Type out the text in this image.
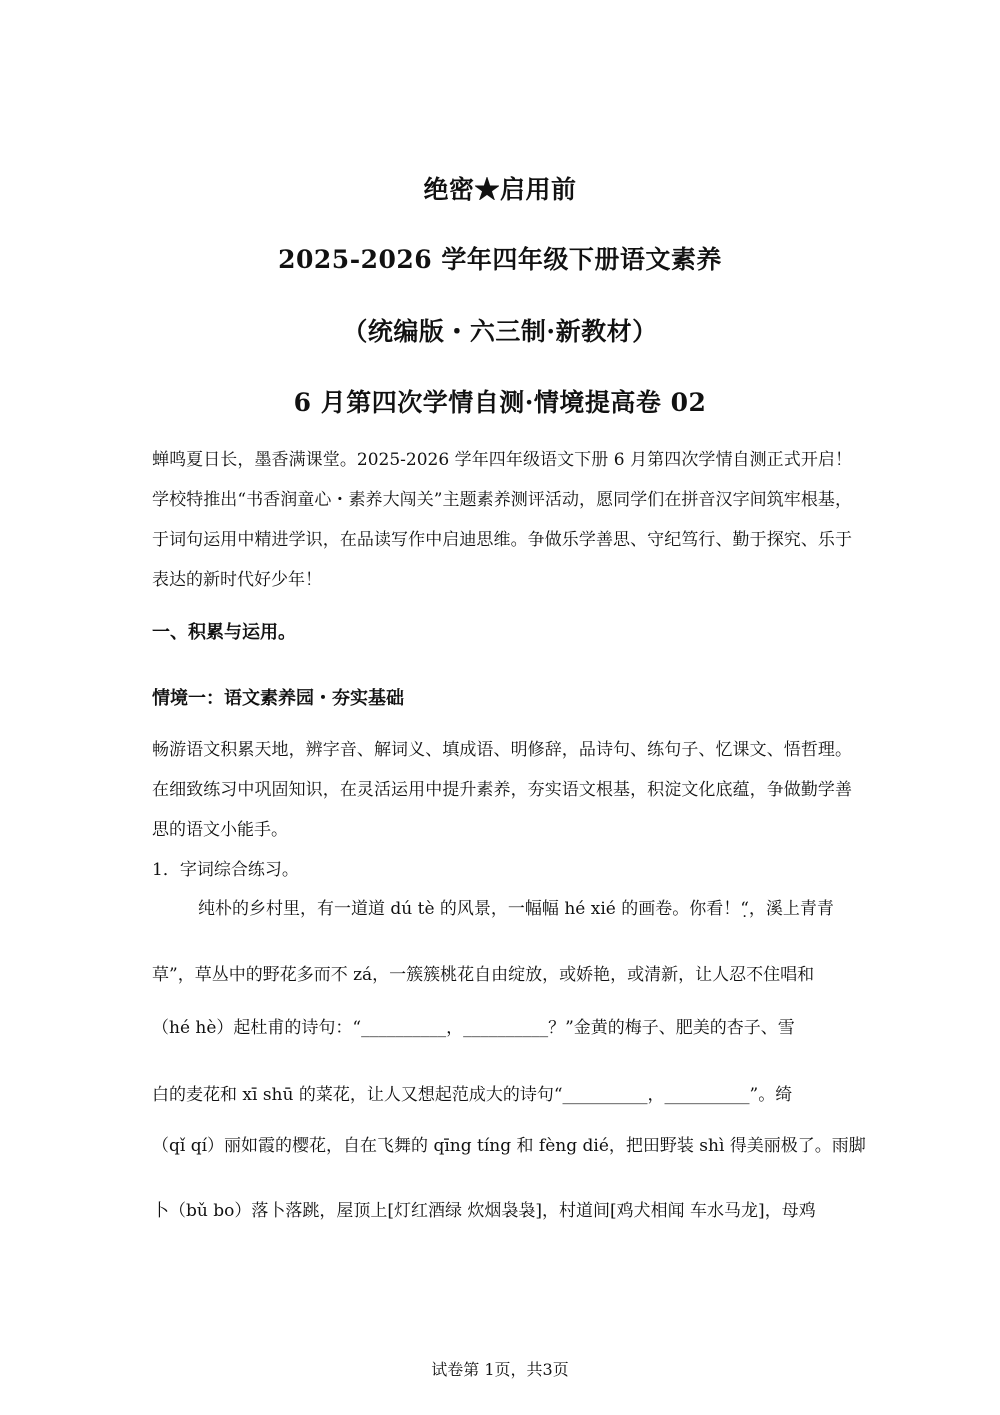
绝密★启用前
2025-2026 学年四年级下册语文素养
（统编版・六三制·新教材）
6 月第四次学情自测·情境提高卷 02
蝉鸣夏日长，墨香满课堂。2025-2026 学年四年级语文下册 6 月第四次学情自测正式开启！学校特推出“书香润童心・素养大闯关”主题素养测评活动，愿同学们在拼音汉字间筑牢根基，于词句运用中精进学识，在品读写作中启迪思维。争做乐学善思、守纪笃行、勤于探究、乐于表达的新时代好少年！
一、积累与运用。
情境一：语文素养园・夯实基础
畅游语文积累天地，辨字音、解词义、填成语、明修辞，品诗句、练句子、忆课文、悟哲理。在细致练习中巩固知识，在灵活运用中提升素养，夯实语文根基，积淀文化底蕴，争做勤学善思的语文小能手。
1．字词综合练习。
纯朴的乡村里，有一道道 dú tè 的风景，一幅幅 hé xié 的画卷。你看！“̣，溪上青青
草”，草丛中的野花多而不 zá，一簇簇桃花自由绽放，或娇艳，或清新，让人忍不住唱和
（hé hè）起杜甫的诗句：“__________，__________？”金黄的梅子、肥美的杏子、雪
白的麦花和 xī shū 的菜花，让人又想起范成大的诗句“__________，__________”。绮
（qǐ qí）丽如霞的樱花，自在飞舞的 qīng tíng 和 fèng dié，把田野装 shì 得美丽极了。雨脚
卜（bǔ bo）落卜落跳，屋顶上[灯红酒绿 炊烟袅袅]，村道间[鸡犬相闻 车水马龙]，母鸡
试卷第 1页，共3页
